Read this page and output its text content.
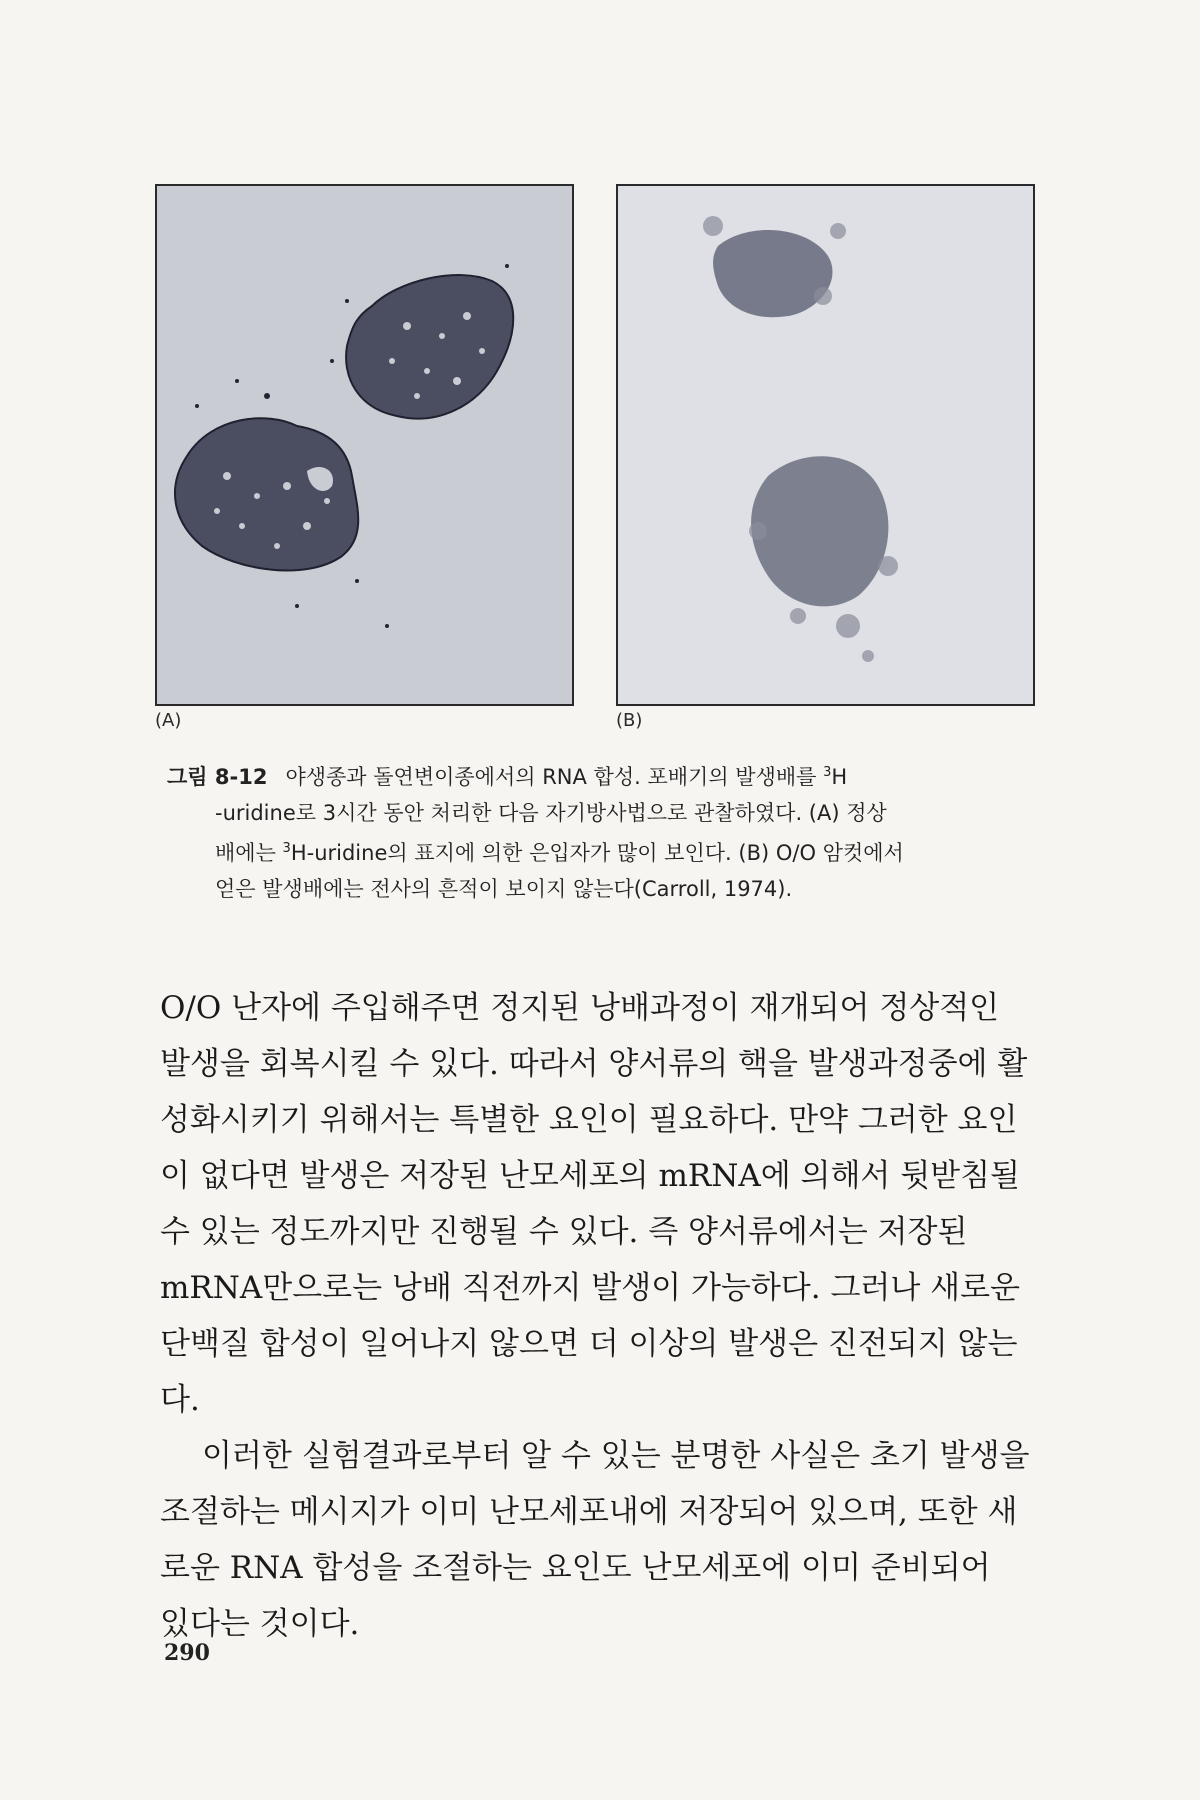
(A)	(B)
그림 8-12 야생종과 돌연변이종에서의 RNA 합성. 포배기의 발생배를 $^3$H
-uridine로 3시간 동안 처리한 다음 자기방사법으로 관찰하였다. (A) 정상
배에는 $^3$H-uridine의 표지에 의한 은입자가 많이 보인다. (B) O/O 암컷에서
얻은 발생배에는 전사의 흔적이 보이지 않는다(Carroll, 1974).

O/O 난자에 주입해주면 정지된 낭배과정이 재개되어 정상적인 발생을 회복시킬 수 있다. 따라서 양서류의 핵을 발생과정중에 활성화시키기 위해서는 특별한 요인이 필요하다. 만약 그러한 요인이 없다면 발생은 저장된 난모세포의 mRNA에 의해서 뒷받침될 수 있는 정도까지만 진행될 수 있다. 즉 양서류에서는 저장된 mRNA만으로는 낭배 직전까지 발생이 가능하다. 그러나 새로운 단백질 합성이 일어나지 않으면 더 이상의 발생은 진전되지 않는다.

이러한 실험결과로부터 알 수 있는 분명한 사실은 초기 발생을 조절하는 메시지가 이미 난모세포내에 저장되어 있으며, 또한 새로운 RNA 합성을 조절하는 요인도 난모세포에 이미 준비되어 있다는 것이다.

290
